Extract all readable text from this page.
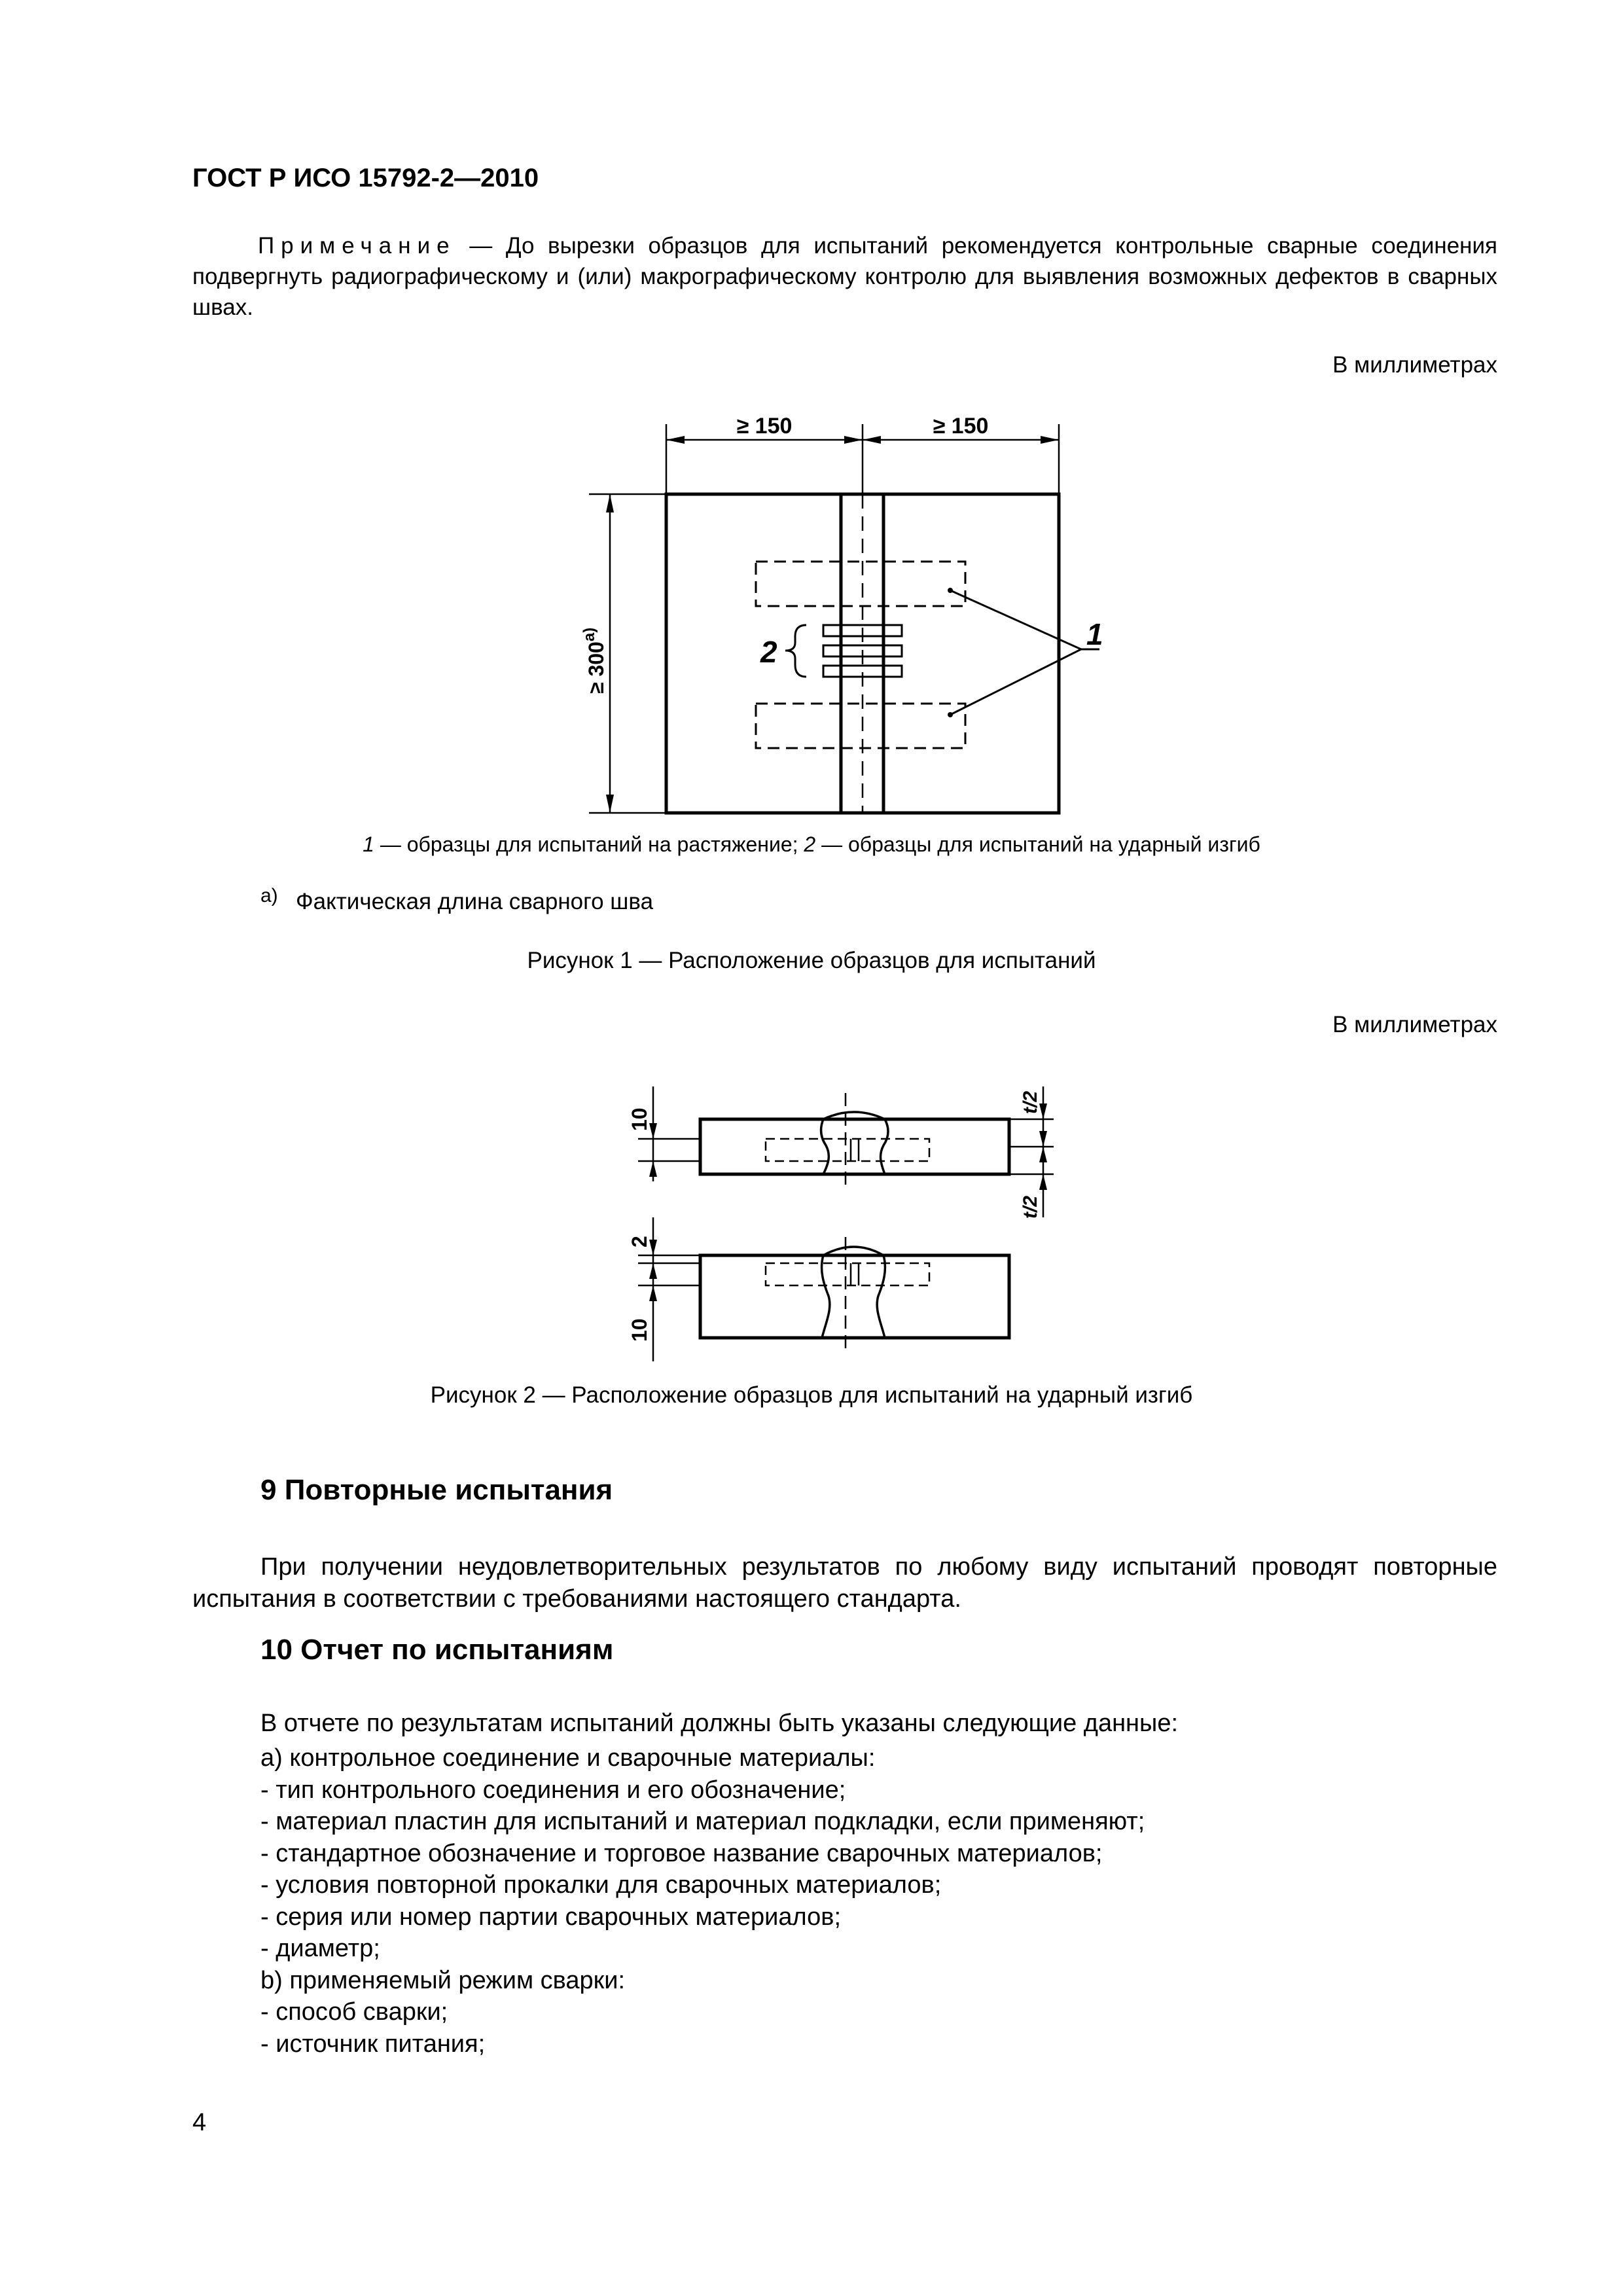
ГОСТ Р ИСО 15792-2—2010
Примечание — До вырезки образцов для испытаний рекомендуется контрольные сварные соединения подвергнуть радиографическому и (или) макрографическому контролю для выявления возможных дефектов в сварных швах.
В миллиметрах
≥ 150	≥ 150
≥ $300^{a)}$	1
2
1 — образцы для испытаний на растяжение; 2 — образцы для испытаний на ударный изгиб
а) Фактическая длина сварного шва
Рисунок 1 — Расположение образцов для испытаний
В миллиметрах
10
t/2
t/2
2
10
Рисунок 2 — Расположение образцов для испытаний на ударный изгиб
9 Повторные испытания
При получении неудовлетворительных результатов по любому виду испытаний проводят повторные испытания в соответствии с требованиями настоящего стандарта.
10 Отчет по испытаниям
В отчете по результатам испытаний должны быть указаны следующие данные:
а) контрольное соединение и сварочные материалы:
- тип контрольного соединения и его обозначение;
- материал пластин для испытаний и материал подкладки, если применяют;
- стандартное обозначение и торговое название сварочных материалов;
- условия повторной прокалки для сварочных материалов;
- серия или номер партии сварочных материалов;
- диаметр;
b) применяемый режим сварки:
- способ сварки;
- источник питания;
4
